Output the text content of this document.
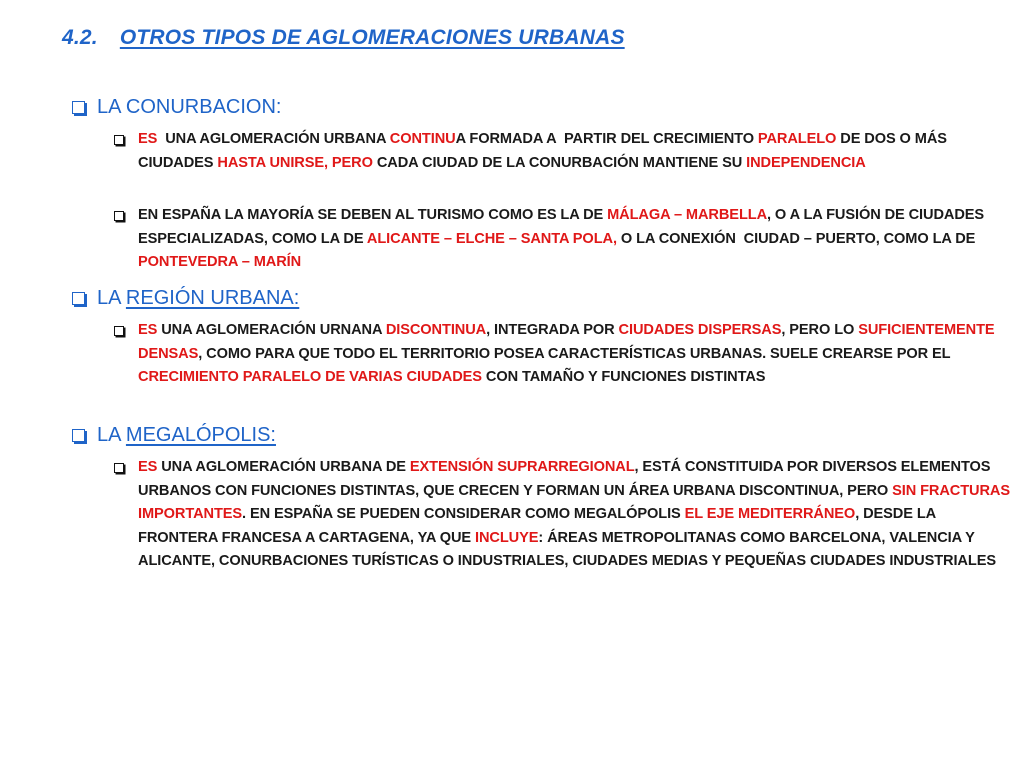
4.2. OTROS TIPOS DE AGLOMERACIONES URBANAS
LA CONURBACION:
ES  UNA AGLOMERACIÓN URBANA CONTINUA FORMADA A  PARTIR DEL CRECIMIENTO PARALELO DE DOS O MÁS CIUDADES HASTA UNIRSE, PERO CADA CIUDAD DE LA CONURBACIÓN MANTIENE SU INDEPENDENCIA
EN ESPAÑA LA MAYORÍA SE DEBEN AL TURISMO COMO ES LA DE MÁLAGA – MARBELLA, O A LA FUSIÓN DE CIUDADES ESPECIALIZADAS, COMO LA DE ALICANTE – ELCHE – SANTA POLA, O LA CONEXIÓN  CIUDAD – PUERTO, COMO LA DE PONTEVEDRA – MARÍN
LA REGIÓN URBANA:
ES UNA AGLOMERACIÓN URNANA DISCONTINUA, INTEGRADA POR CIUDADES DISPERSAS, PERO LO SUFICIENTEMENTE DENSAS, COMO PARA QUE TODO EL TERRITORIO POSEA CARACTERÍSTICAS URBANAS. SUELE CREARSE POR EL CRECIMIENTO PARALELO DE VARIAS CIUDADES CON TAMAÑO Y FUNCIONES DISTINTAS
LA MEGALÓPOLIS:
ES UNA AGLOMERACIÓN URBANA DE EXTENSIÓN SUPRARREGIONAL, ESTÁ CONSTITUIDA POR DIVERSOS ELEMENTOS URBANOS CON FUNCIONES DISTINTAS, QUE CRECEN Y FORMAN UN ÁREA URBANA DISCONTINUA, PERO SIN FRACTURAS IMPORTANTES. EN ESPAÑA SE PUEDEN CONSIDERAR COMO MEGALÓPOLIS EL EJE MEDITERRÁNEO, DESDE LA FRONTERA FRANCESA A CARTAGENA, YA QUE INCLUYE: ÁREAS METROPOLITANAS COMO BARCELONA, VALENCIA Y ALICANTE, CONURBACIONES TURÍSTICAS O INDUSTRIALES, CIUDADES MEDIAS Y PEQUEÑAS CIUDADES INDUSTRIALES
